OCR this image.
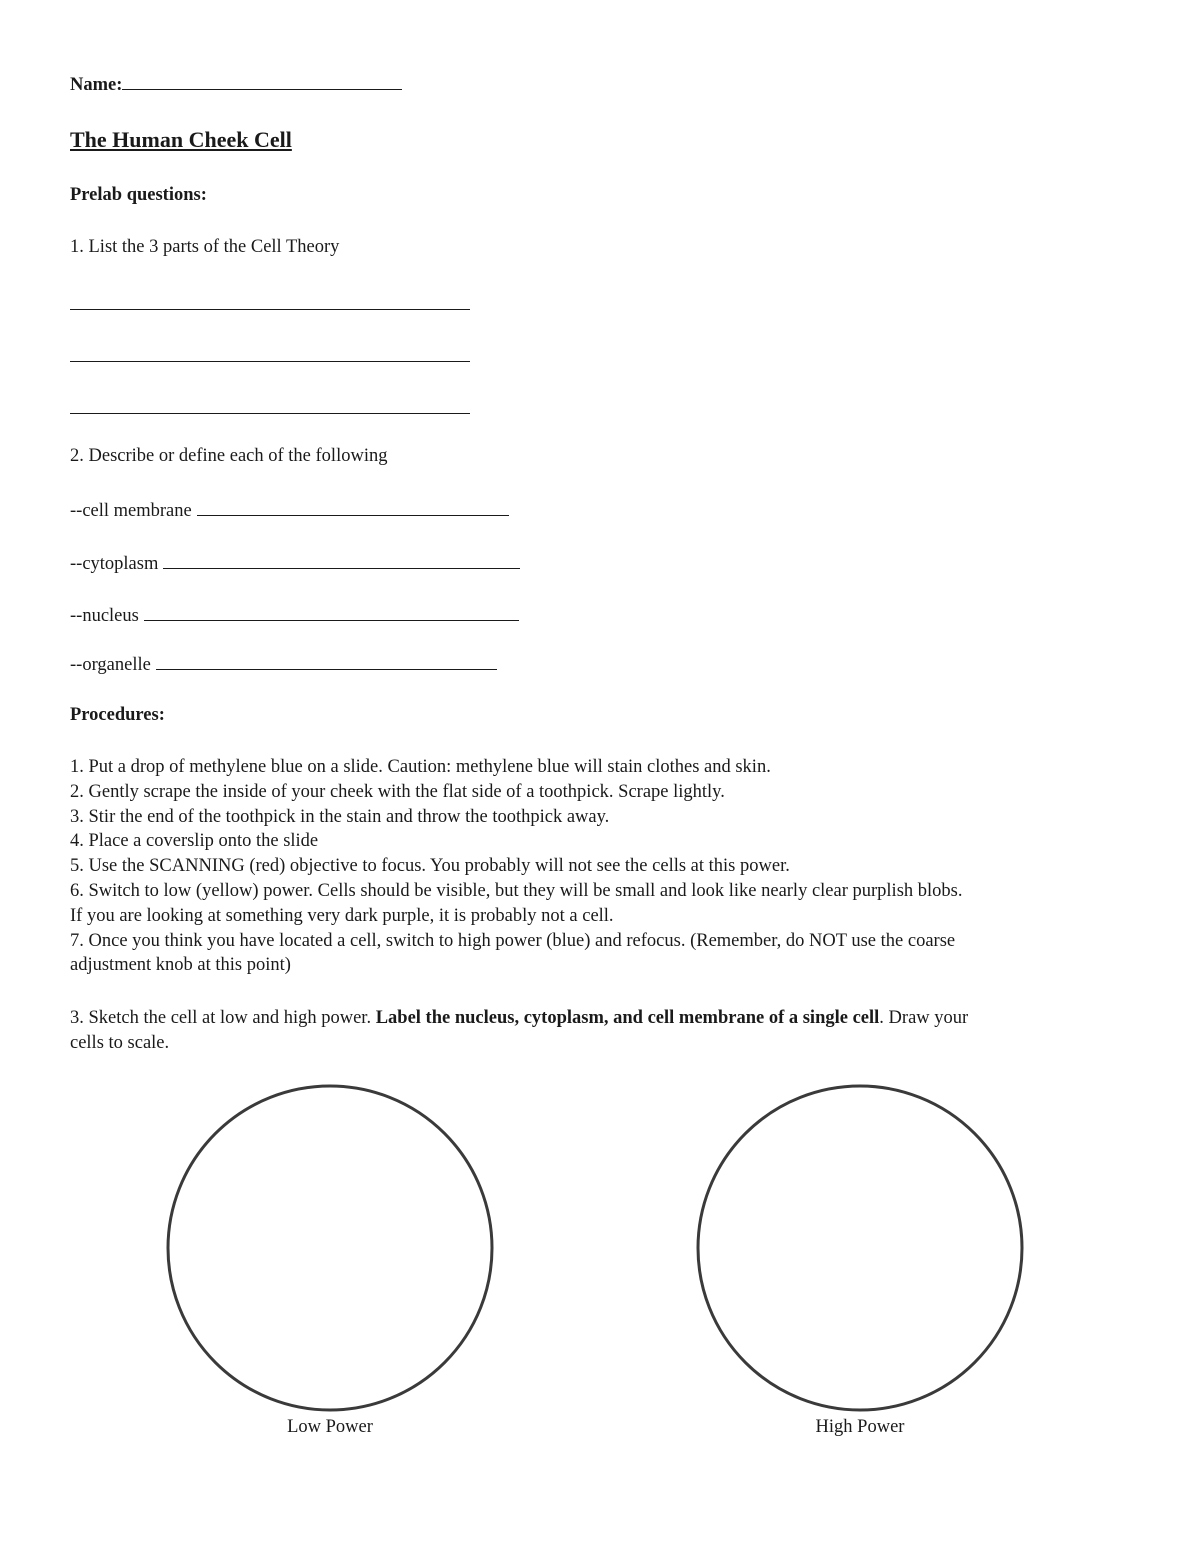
Name:
The Human Cheek Cell
Prelab questions:
1. List the 3 parts of the Cell Theory
2. Describe or define each of the following
--cell membrane
--cytoplasm
--nucleus
--organelle
Procedures:
1. Put a drop of methylene blue on a slide. Caution: methylene blue will stain clothes and skin.
2. Gently scrape the inside of your cheek with the flat side of a toothpick. Scrape lightly.
3. Stir the end of the toothpick in the stain and throw the toothpick away.
4. Place a coverslip onto the slide
5. Use the SCANNING (red) objective to focus. You probably will not see the cells at this power.
6. Switch to low (yellow) power. Cells should be visible, but they will be small and look like nearly clear purplish blobs.
If you are looking at something very dark purple, it is probably not a cell.
7. Once you think you have located a cell, switch to high power (blue) and refocus. (Remember, do NOT use the coarse
adjustment knob at this point)
3. Sketch the cell at low and high power. Label the nucleus, cytoplasm, and cell membrane of a single cell. Draw your
cells to scale.
Low Power	High Power
